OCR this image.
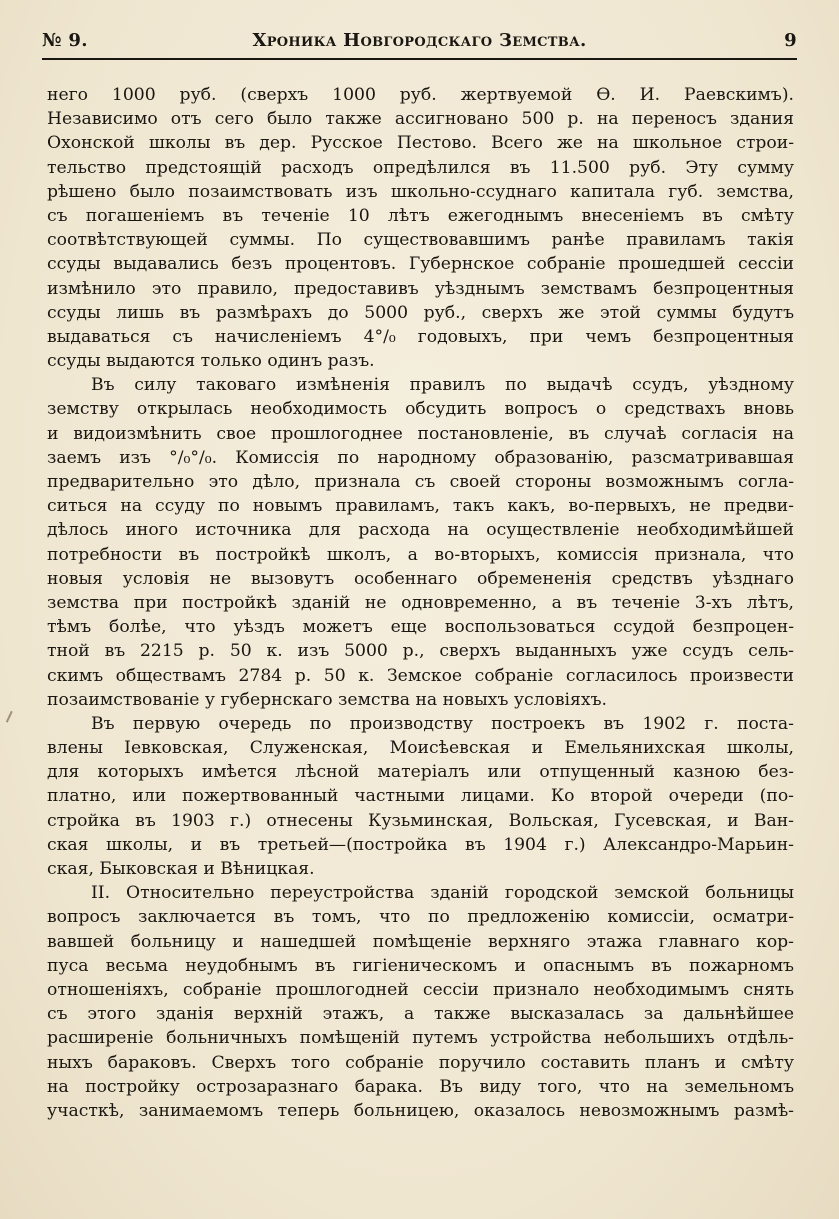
№ 9.	Хроника Новгородскаго Земства.	9
него 1000 руб. (сверхъ 1000 руб. жертвуемой Ѳ. И. Раевскимъ).
Независимо отъ сего было также ассигновано 500 р. на переносъ здания
Охонской школы въ дер. Русское Пестово. Всего же на школьное строи-
тельство предстоящій расходъ опредѣлился въ 11.500 руб. Эту сумму
рѣшено было позаимствовать изъ школьно-ссуднаго капитала губ. земства,
съ погашеніемъ въ теченіе 10 лѣтъ ежегоднымъ внесеніемъ въ смѣту
соотвѣтствующей суммы. По существовавшимъ ранѣе правиламъ такія
ссуды выдавались безъ процентовъ. Губернское собраніе прошедшей сессіи
измѣнило это правило, предоставивъ уѣзднымъ земствамъ безпроцентныя
ссуды лишь въ размѣрахъ до 5000 руб., сверхъ же этой суммы будутъ
выдаваться съ начисленіемъ 4°/₀ годовыхъ, при чемъ безпроцентныя
ссуды выдаются только одинъ разъ.
Въ силу таковаго измѣненія правилъ по выдачѣ ссудъ, уѣздному
земству открылась необходимость обсудить вопросъ о средствахъ вновь
и видоизмѣнить свое прошлогоднее постановленіе, въ случаѣ согласія на
заемъ изъ °/₀°/₀. Комиссія по народному образованію, разсматривавшая
предварительно это дѣло, признала съ своей стороны возможнымъ согла-
ситься на ссуду по новымъ правиламъ, такъ какъ, во-первыхъ, не предви-
дѣлось иного источника для расхода на осуществленіе необходимѣйшей
потребности въ постройкѣ школъ, а во-вторыхъ, комиссія признала, что
новыя условія не вызовутъ особеннаго обремененія средствъ уѣзднаго
земства при постройкѣ зданій не одновременно, а въ теченіе 3-хъ лѣтъ,
тѣмъ болѣе, что уѣздъ можетъ еще воспользоваться ссудой безпроцен-
тной въ 2215 р. 50 к. изъ 5000 р., сверхъ выданныхъ уже ссудъ сель-
скимъ обществамъ 2784 р. 50 к. Земское собраніе согласилось произвести
позаимствованіе у губернскаго земства на новыхъ условіяхъ.
Въ первую очередь по производству построекъ въ 1902 г. поста-
влены Іевковская, Служенская, Моисѣевская и Емельянихская школы,
для которыхъ имѣется лѣсной матеріалъ или отпущенный казною без-
платно, или пожертвованный частными лицами. Ко второй очереди (по-
стройка въ 1903 г.) отнесены Кузьминская, Вольская, Гусевская, и Ван-
ская школы, и въ третьей—(постройка въ 1904 г.) Александро-Марьин-
ская, Быковская и Вѣницкая.
II. Относительно переустройства зданій городской земской больницы
вопросъ заключается въ томъ, что по предложенію комиссіи, осматри-
вавшей больницу и нашедшей помѣщеніе верхняго этажа главнаго кор-
пуса весьма неудобнымъ въ гигіеническомъ и опаснымъ въ пожарномъ
отношеніяхъ, собраніе прошлогодней сессіи признало необходимымъ снять
съ этого зданія верхній этажъ, а также высказалась за дальнѣйшее
расширеніе больничныхъ помѣщеній путемъ устройства небольшихъ отдѣль-
ныхъ бараковъ. Сверхъ того собраніе поручило составить планъ и смѣту
на постройку острозаразнаго барака. Въ виду того, что на земельномъ
участкѣ, занимаемомъ теперь больницею, оказалось невозможнымъ размѣ-
